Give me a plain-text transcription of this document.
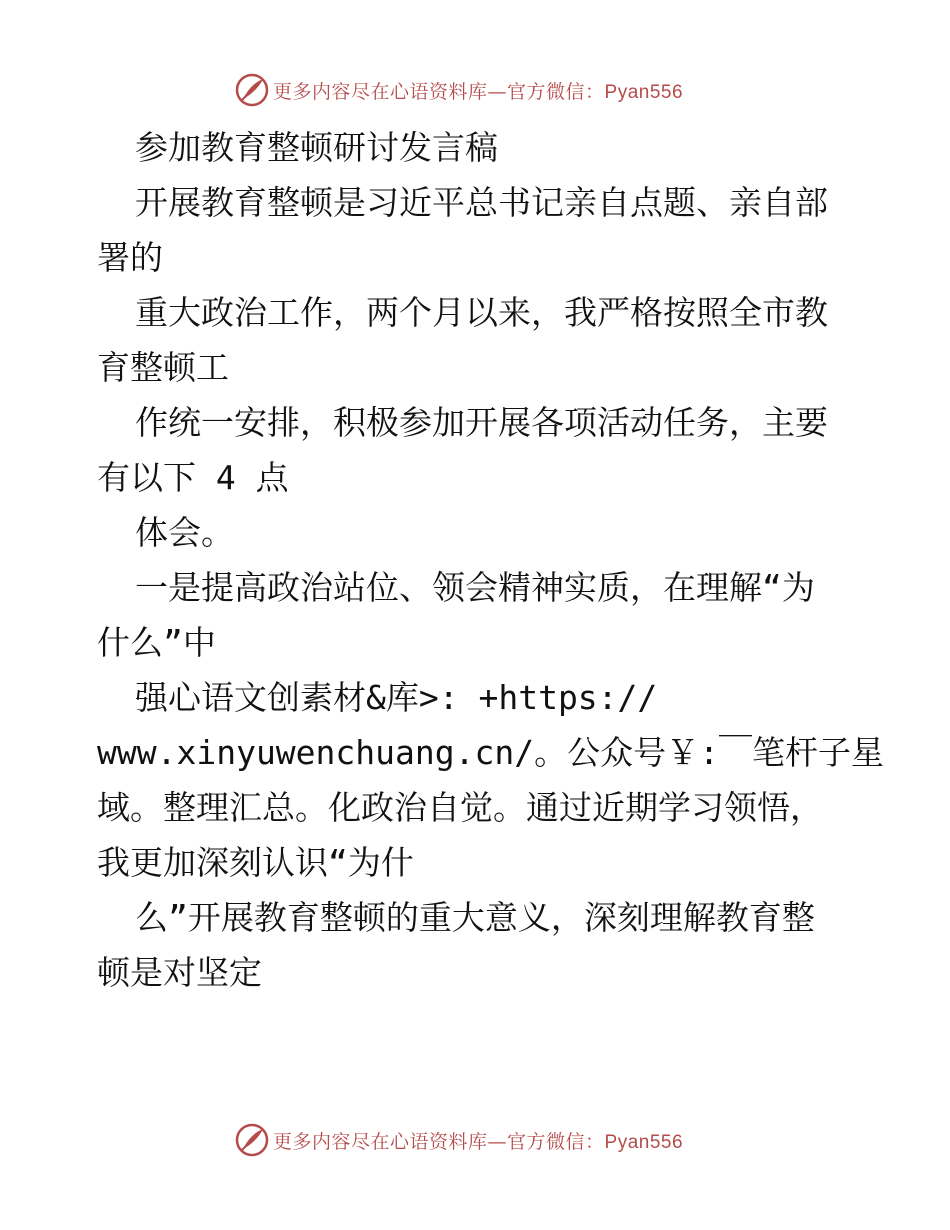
更多内容尽在心语资料库—官方微信：Pyan556
参加教育整顿研讨发言稿
开展教育整顿是习近平总书记亲自点题、亲自部
署的
重大政治工作，两个月以来，我严格按照全市教
育整顿工
作统一安排，积极参加开展各项活动任务，主要
有以下 4 点
体会。
一是提高政治站位、领会精神实质，在理解“为
什么”中
强心语文创素材&库>: +https://
www.xinyuwenchuang.cn/。公众号￥:￣笔杆子星
域。整理汇总。化政治自觉。通过近期学习领悟，
我更加深刻认识“为什
么”开展教育整顿的重大意义，深刻理解教育整
顿是对坚定
更多内容尽在心语资料库—官方微信：Pyan556
